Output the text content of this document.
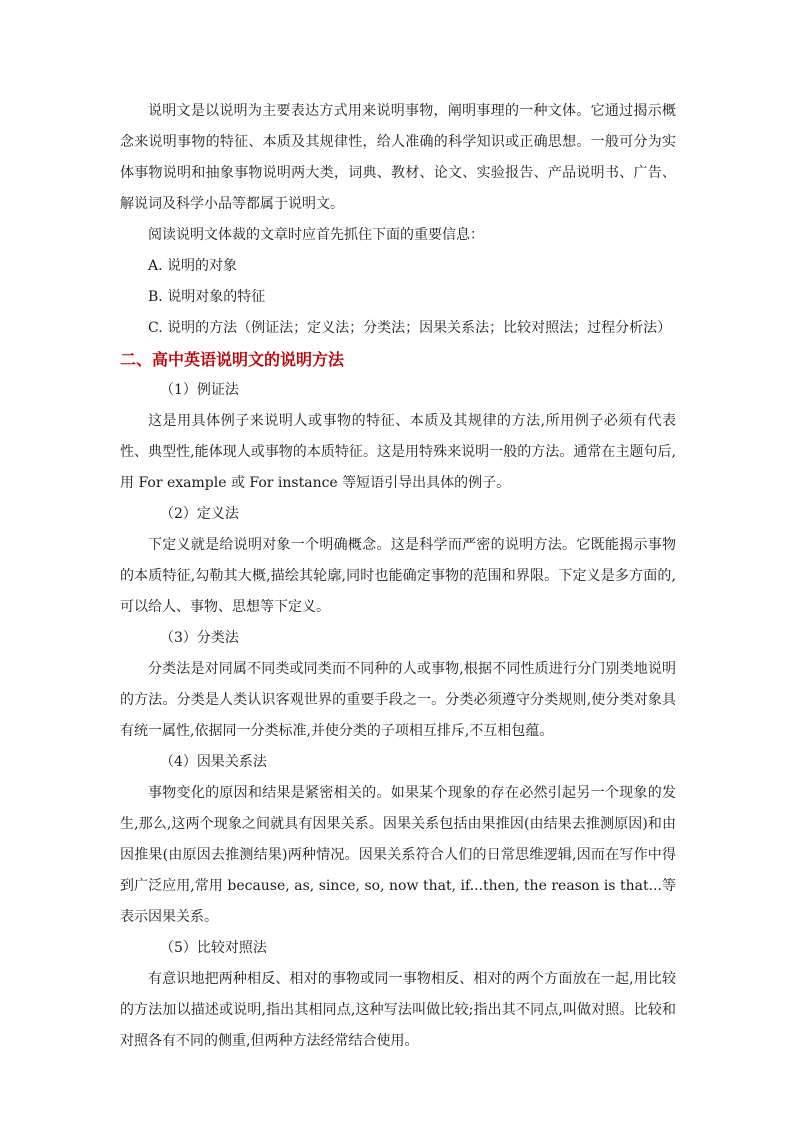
说明文是以说明为主要表达方式用来说明事物，阐明事理的一种文体。它通过揭示概念来说明事物的特征、本质及其规律性，给人准确的科学知识或正确思想。一般可分为实体事物说明和抽象事物说明两大类，词典、教材、论文、实验报告、产品说明书、广告、解说词及科学小品等都属于说明文。

阅读说明文体裁的文章时应首先抓住下面的重要信息：

A. 说明的对象
B. 说明对象的特征
C. 说明的方法（例证法；定义法；分类法；因果关系法；比较对照法；过程分析法）
二、高中英语说明文的说明方法
（1）例证法

这是用具体例子来说明人或事物的特征、本质及其规律的方法,所用例子必须有代表性、典型性,能体现人或事物的本质特征。这是用特殊来说明一般的方法。通常在主题句后,用 For example 或 For instance 等短语引导出具体的例子。

（2）定义法

下定义就是给说明对象一个明确概念。这是科学而严密的说明方法。它既能揭示事物的本质特征,勾勒其大概,描绘其轮廓,同时也能确定事物的范围和界限。下定义是多方面的,可以给人、事物、思想等下定义。

（3）分类法

分类法是对同属不同类或同类而不同种的人或事物,根据不同性质进行分门别类地说明的方法。分类是人类认识客观世界的重要手段之一。分类必须遵守分类规则,使分类对象具有统一属性,依据同一分类标准,并使分类的子项相互排斥,不互相包蕴。

（4）因果关系法

事物变化的原因和结果是紧密相关的。如果某个现象的存在必然引起另一个现象的发生,那么,这两个现象之间就具有因果关系。因果关系包括由果推因(由结果去推测原因)和由因推果(由原因去推测结果)两种情况。因果关系符合人们的日常思维逻辑,因而在写作中得到广泛应用,常用 because, as, since, so, now that, if...then, the reason is that...等表示因果关系。

（5）比较对照法

有意识地把两种相反、相对的事物或同一事物相反、相对的两个方面放在一起,用比较的方法加以描述或说明,指出其相同点,这种写法叫做比较;指出其不同点,叫做对照。比较和对照各有不同的侧重,但两种方法经常结合使用。
